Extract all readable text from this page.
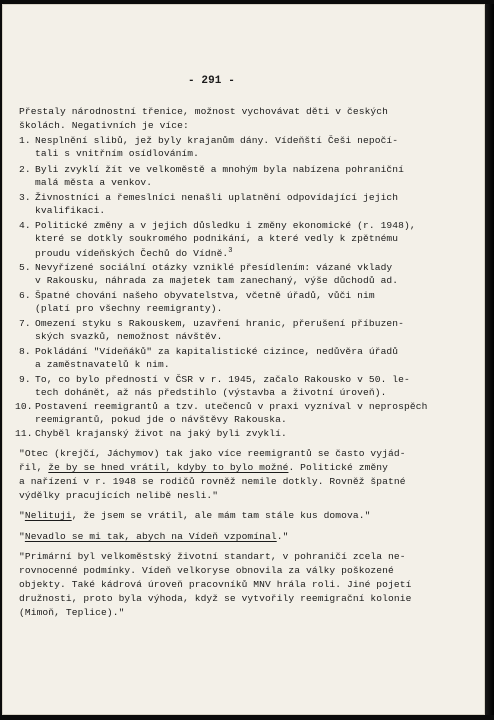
- 291 -
Přestaly národnostní třenice, možnost vychovávat děti v českých
školách. Negativních je více:
1. Nesplnění slibů, jež byly krajanům dány. Vídeňští Češi nepočí-
tali s vnitřním osídlováním.
2. Byli zvyklí žít ve velkoměstě a mnohým byla nabízena pohraniční
malá města a venkov.
3. Živnostníci a řemeslníci nenašli uplatnění odpovídající jejich
kvalifikaci.
4. Politické změny a v jejich důsledku i změny ekonomické (r. 1948),
které se dotkly soukromého podnikání, a které vedly k zpětnému
proudu vídeňských Čechů do Vídně.$^3$
5. Nevyřízené sociální otázky vzniklé přesídlením: vázané vklady
v Rakousku, náhrada za majetek tam zanechaný, výše důchodů ad.
6. Špatné chování našeho obyvatelstva, včetně úřadů, vůči nim
(platí pro všechny reemigranty).
7. Omezení styku s Rakouskem, uzavření hranic, přerušení příbuzen-
ských svazků, nemožnost návštěv.
8. Pokládání "Vídeňáků" za kapitalistické cizince, nedůvěra úřadů
a zaměstnavatelů k nim.
9. To, co bylo předností v ČSR v r. 1945, začalo Rakousko v 50. le-
tech dohánět, až nás předstihlo (výstavba a životní úroveň).
10. Postavení reemigrantů a tzv. utečenců v praxi vyzníval v neprospěch
reemigrantů, pokud jde o návštěvy Rakouska.
11. Chyběl krajanský život na jaký byli zvyklí.
"Otec (krejčí, Jáchymov) tak jako více reemigrantů se často vyjád-
řil, že by se hned vrátil, kdyby to bylo možné. Politické změny
a nařízení v r. 1948 se rodičů rovněž nemile dotkly. Rovněž špatné
výdělky pracujících nelibě nesli."
"Nelituji, že jsem se vrátil, ale mám tam stále kus domova."
"Nevadlo se mi tak, abych na Vídeň vzpomínal."
"Primární byl velkoměstský životní standart, v pohraničí zcela ne-
rovnocenné podmínky. Vídeň velkoryse obnovila za války poškozené
objekty. Také kádrová úroveň pracovníků MNV hrála roli. Jiné pojetí
družnosti, proto byla výhoda, když se vytvořily reemigrační kolonie
(Mimoň, Teplice)."
